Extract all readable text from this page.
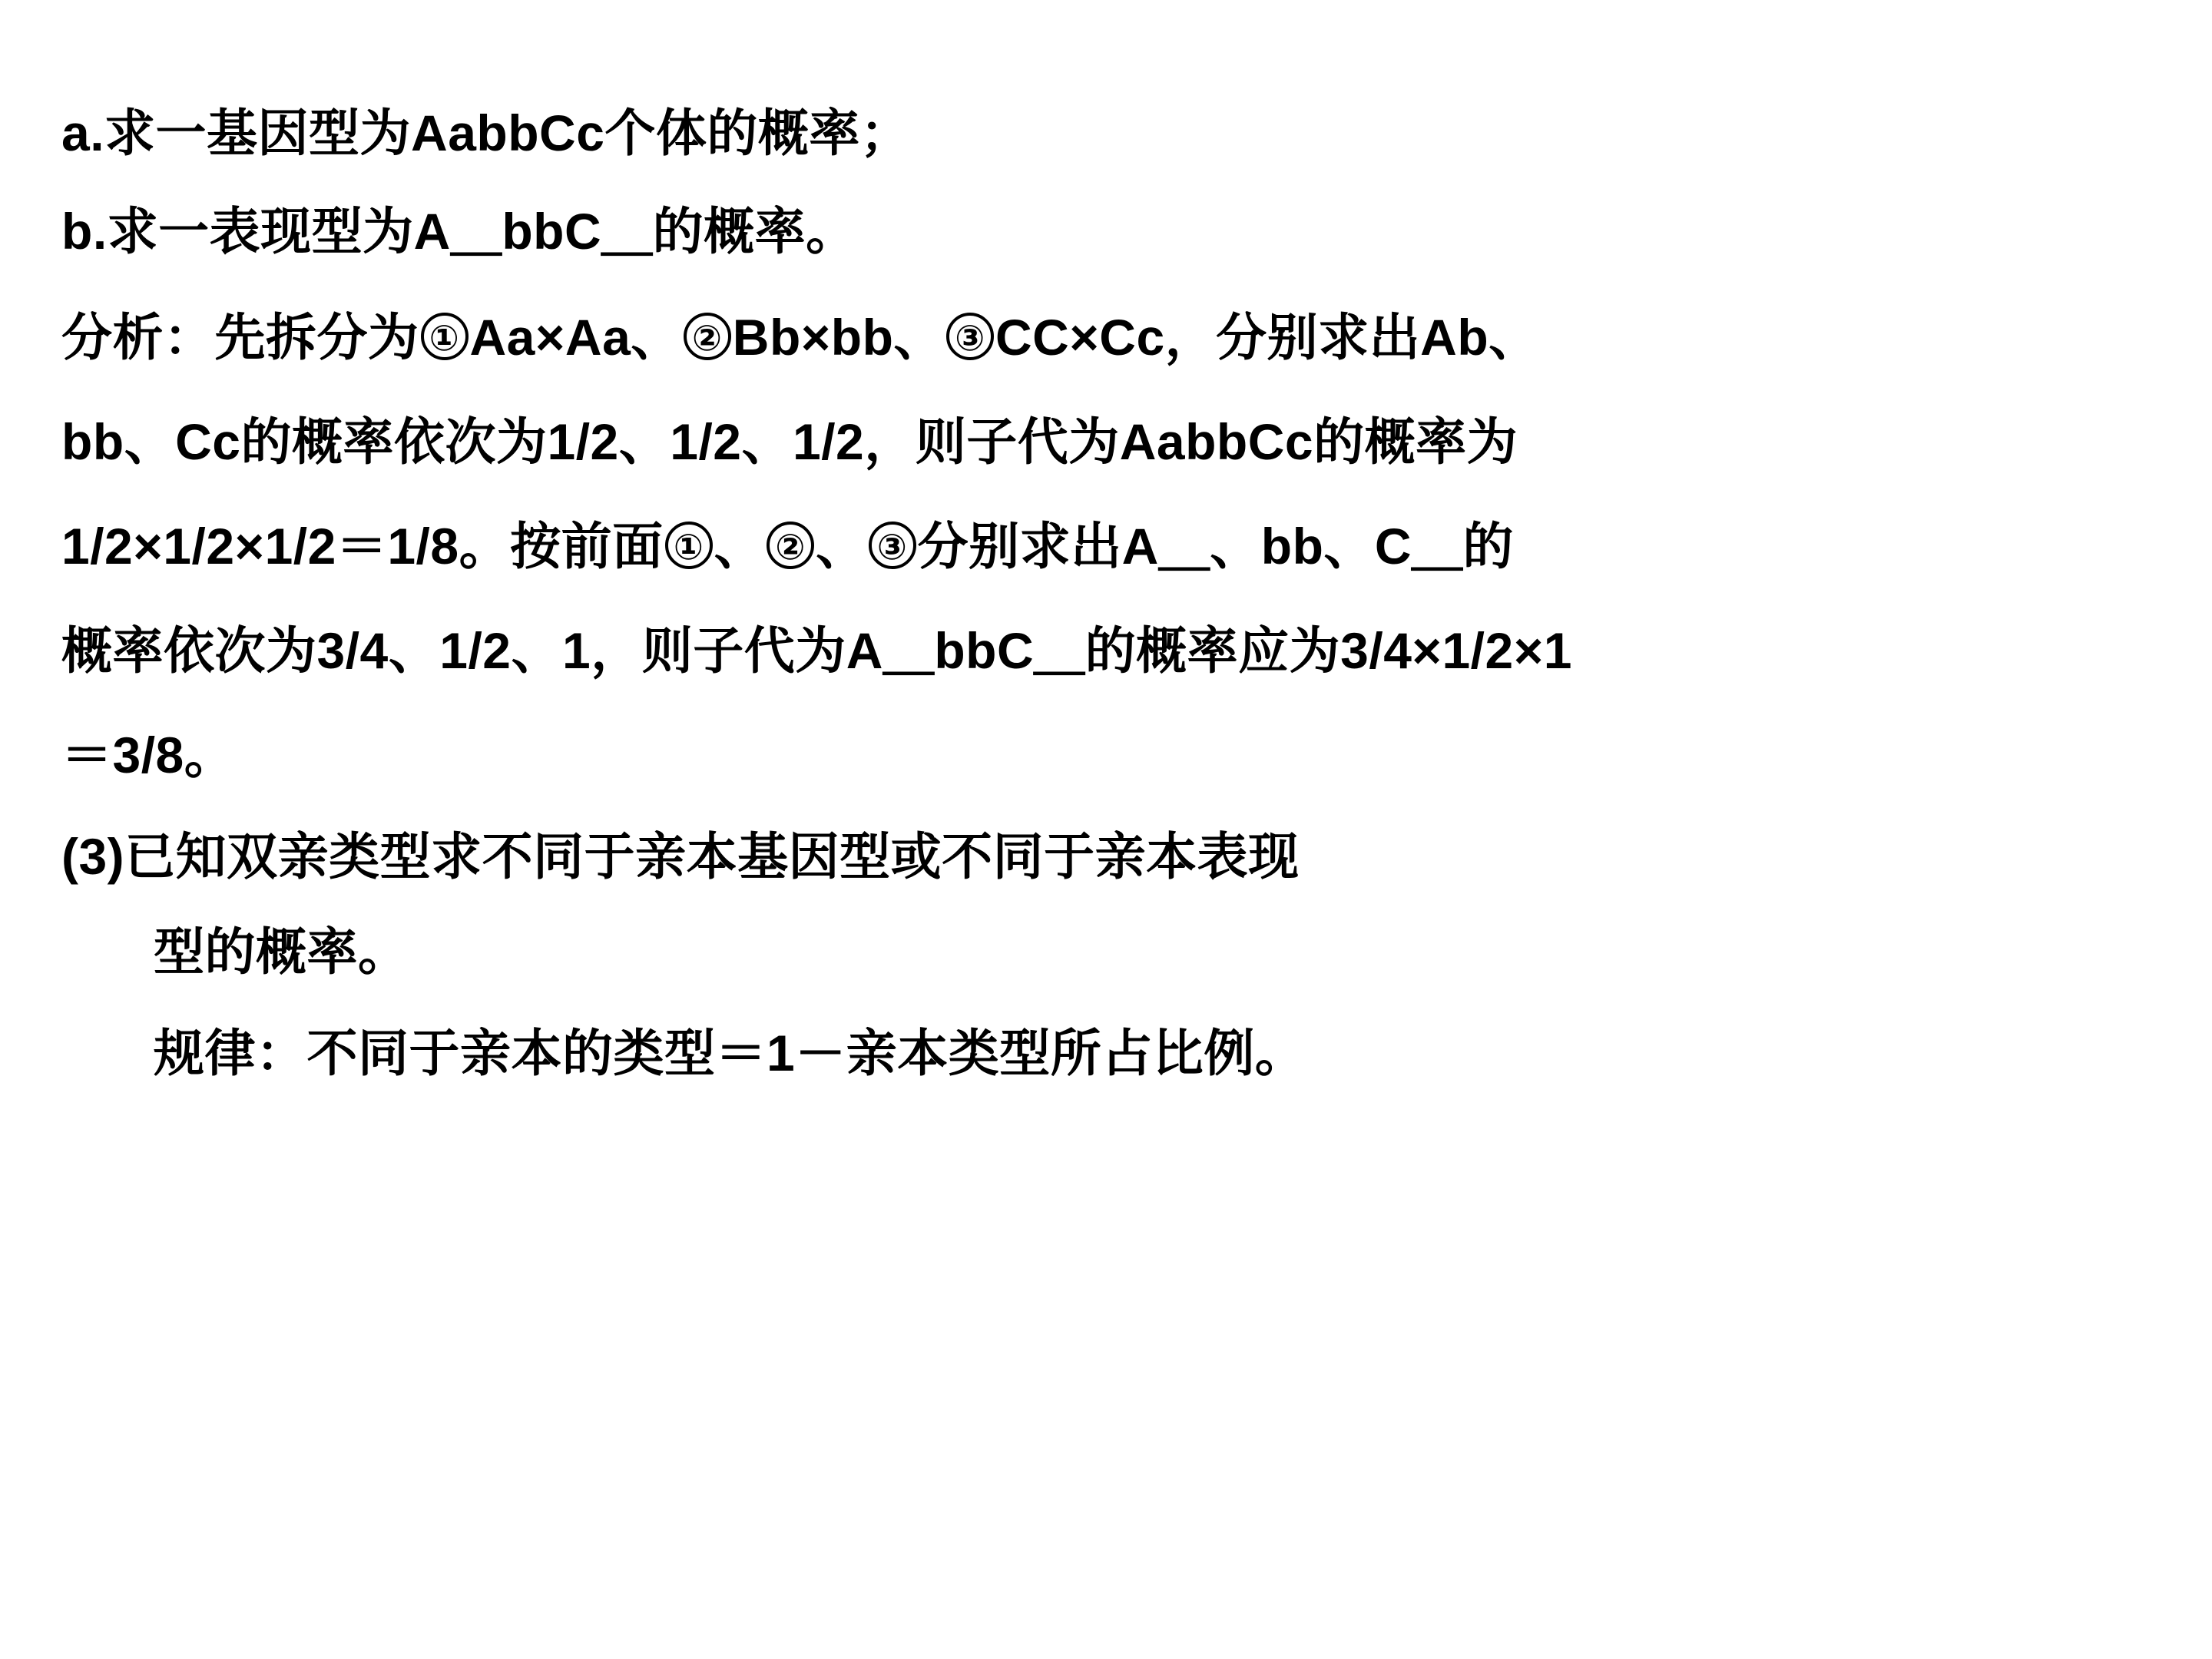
a.求一基因型为AabbCc个体的概率；
b.求一表现型为A＿bbC＿的概率。
分析：先拆分为 ① Aa×Aa、 ② Bb×bb、 ③ CC×Cc，分别求出Ab、
bb、Cc的概率依次为1/2、1/2、1/2，则子代为AabbCc的概率为
1/2×1/2×1/2＝1/8。按前面 ① 、 ② 、 ③ 分别求出A＿、bb、C＿的
概率依次为3/4、1/2、1，则子代为A＿bbC＿的概率应为3/4×1/2×1
＝3/8。
(3)已知双亲类型求不同于亲本基因型或不同于亲本表现
型的概率。
规律：不同于亲本的类型＝1－亲本类型所占比例。
